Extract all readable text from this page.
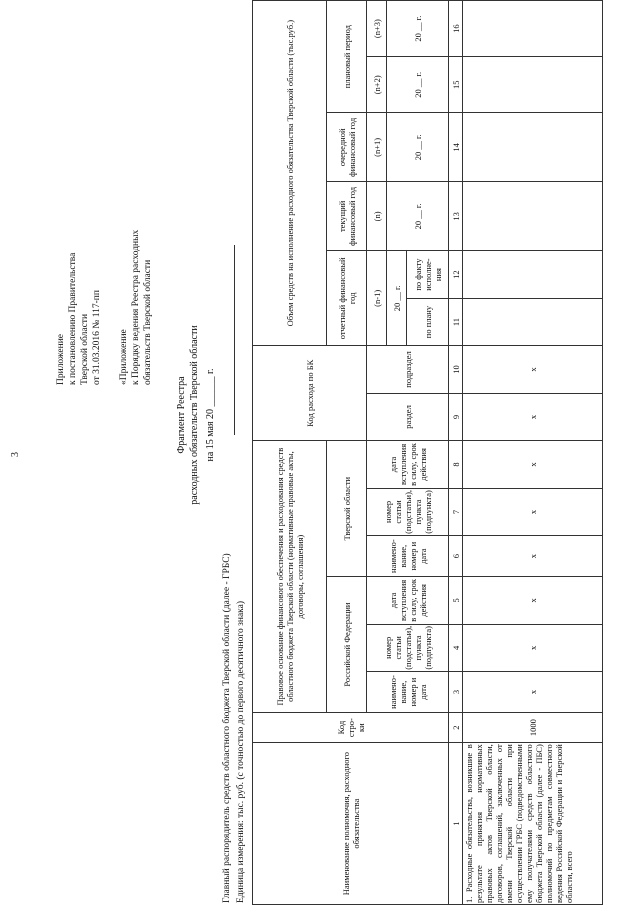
3
Приложение к постановлению Правительства Тверской области от 31.03.2016 № 117-пп «Приложение к Порядку ведения Реестра расходных обязательств Тверской области
Фрагмент Реестра расходных обязательств Тверской области на 15 мая 20 ______ г.
Главный распорядитель средств областного бюджета Тверской области (далее - ГРБС) Единица измерения: тыс. руб. (с точностью до первого десятичного знака)	Наименование полномочия, расходного обязательства	Код стро-ки	Правовое основание финансового обеспечения и расходования средств областного бюджета Тверской области (нормативные правовые акты, договоры, соглашения)						Код расхода по БК		Объем средств на исполнение расходного обязательства Тверской области (тыс.руб.)					
		Российской Федерации			Тверской области					отчетный финансовый год		текущий финансовый год	очередной финансовый год	плановый период	
		наимено-вание, номер и дата	номер статьи (подстатьи), пункта (подпункта)	дата вступления в силу, срок действия	наимено-вание, номер и дата	номер статьи (подстатьи), пункта (подпункта)	дата вступления в силу, срок действия	раздел	подраздел	(n-1)		(n)	(n+1)	(n+2)	(n+3)
										20 __ г.		20 __ г.	20 __ г.	20 __ г.	20 __ г.
										по плану	по факту исполне-ния				
1	2	3	4	5	6	7	8	9	10	11	12	13	14	15	16
1. Расходные обязательства, возникшие в результате принятия нормативных правовых актов Тверской области, договоров, соглашений, заключенных от имени Тверской области при осуществлении ГРБС (подведомственными ему получателями средств областного бюджета Тверской области (далее - ПБС) полномочий по предметам совместного ведения Российской Федерации и Тверской области, всего	1000	x	x	x	x	x	x	x	x						
